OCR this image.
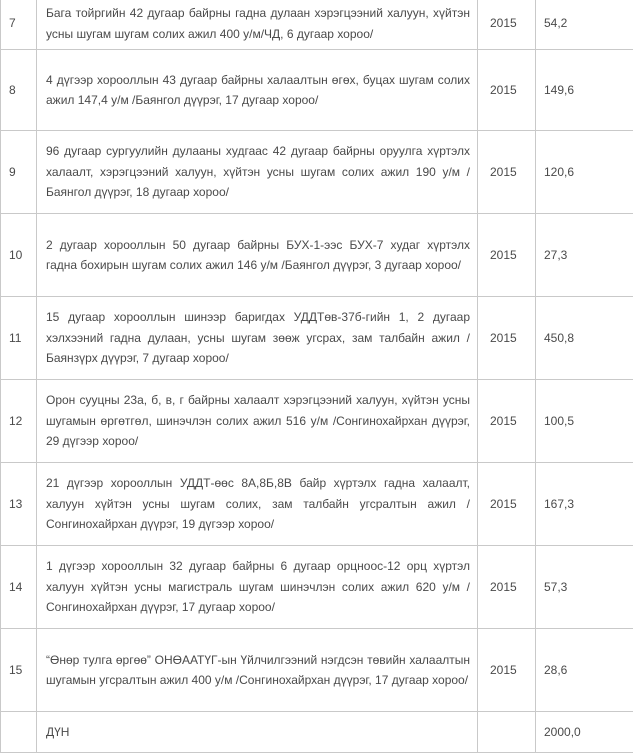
7	Бага тойргийн 42 дугаар байрны гадна дулаан хэрэгцээний халуун, хүйтэн усны шугам шугам солих ажил 400 у/м/ЧД, 6 дугаар хороо/	2015	54,2
8	4 дүгээр хорооллын 43 дугаар байрны халаалтын өгөх, буцах шугам солих ажил 147,4 у/м /Баянгол дүүрэг, 17 дугаар хороо/	2015	149,6
9	96 дугаар сургуулийн дулааны худгаас 42 дугаар байрны оруулга хүртэлх халаалт, хэрэгцээний халуун, хүйтэн усны шугам солих ажил 190 у/м /Баянгол дүүрэг, 18 дугаар хороо/	2015	120,6
10	2 дугаар хорооллын 50 дугаар байрны БУХ-1-ээс БУХ-7 худаг хүртэлх гадна бохирын шугам солих ажил 146 у/м /Баянгол дүүрэг, 3 дугаар хороо/	2015	27,3
11	15 дугаар хорооллын шинээр баригдах УДДТөв-37б-гийн 1, 2 дугаар хэлхээний гадна дулаан, усны шугам зөөж угсрах, зам талбайн ажил /Баянзүрх дүүрэг, 7 дугаар хороо/	2015	450,8
12	Орон сууцны 23а, б, в, г байрны халаалт хэрэгцээний халуун, хүйтэн усны шугамын өргөтгөл, шинэчлэн солих ажил 516 у/м /Сонгинохайрхан дүүрэг, 29 дүгээр хороо/	2015	100,5
13	21 дүгээр хорооллын УДДТ-өөс 8А,8Б,8В байр хүртэлх гадна халаалт, халуун хүйтэн усны шугам солих, зам талбайн угсралтын ажил /Сонгинохайрхан дүүрэг, 19 дүгээр хороо/	2015	167,3
14	1 дүгээр хорооллын 32 дугаар байрны 6 дугаар орцноос-12 орц хүртэл халуун хүйтэн усны магистраль шугам шинэчлэн солих ажил 620 у/м /Сонгинохайрхан дүүрэг, 17 дугаар хороо/	2015	57,3
15	“Өнөр тулга өргөө” ОНӨААТҮГ-ын Үйлчилгээний нэгдсэн төвийн халаалтын шугамын угсралтын ажил 400 у/м /Сонгинохайрхан дүүрэг, 17 дугаар хороо/	2015	28,6
	ДҮН		2000,0
